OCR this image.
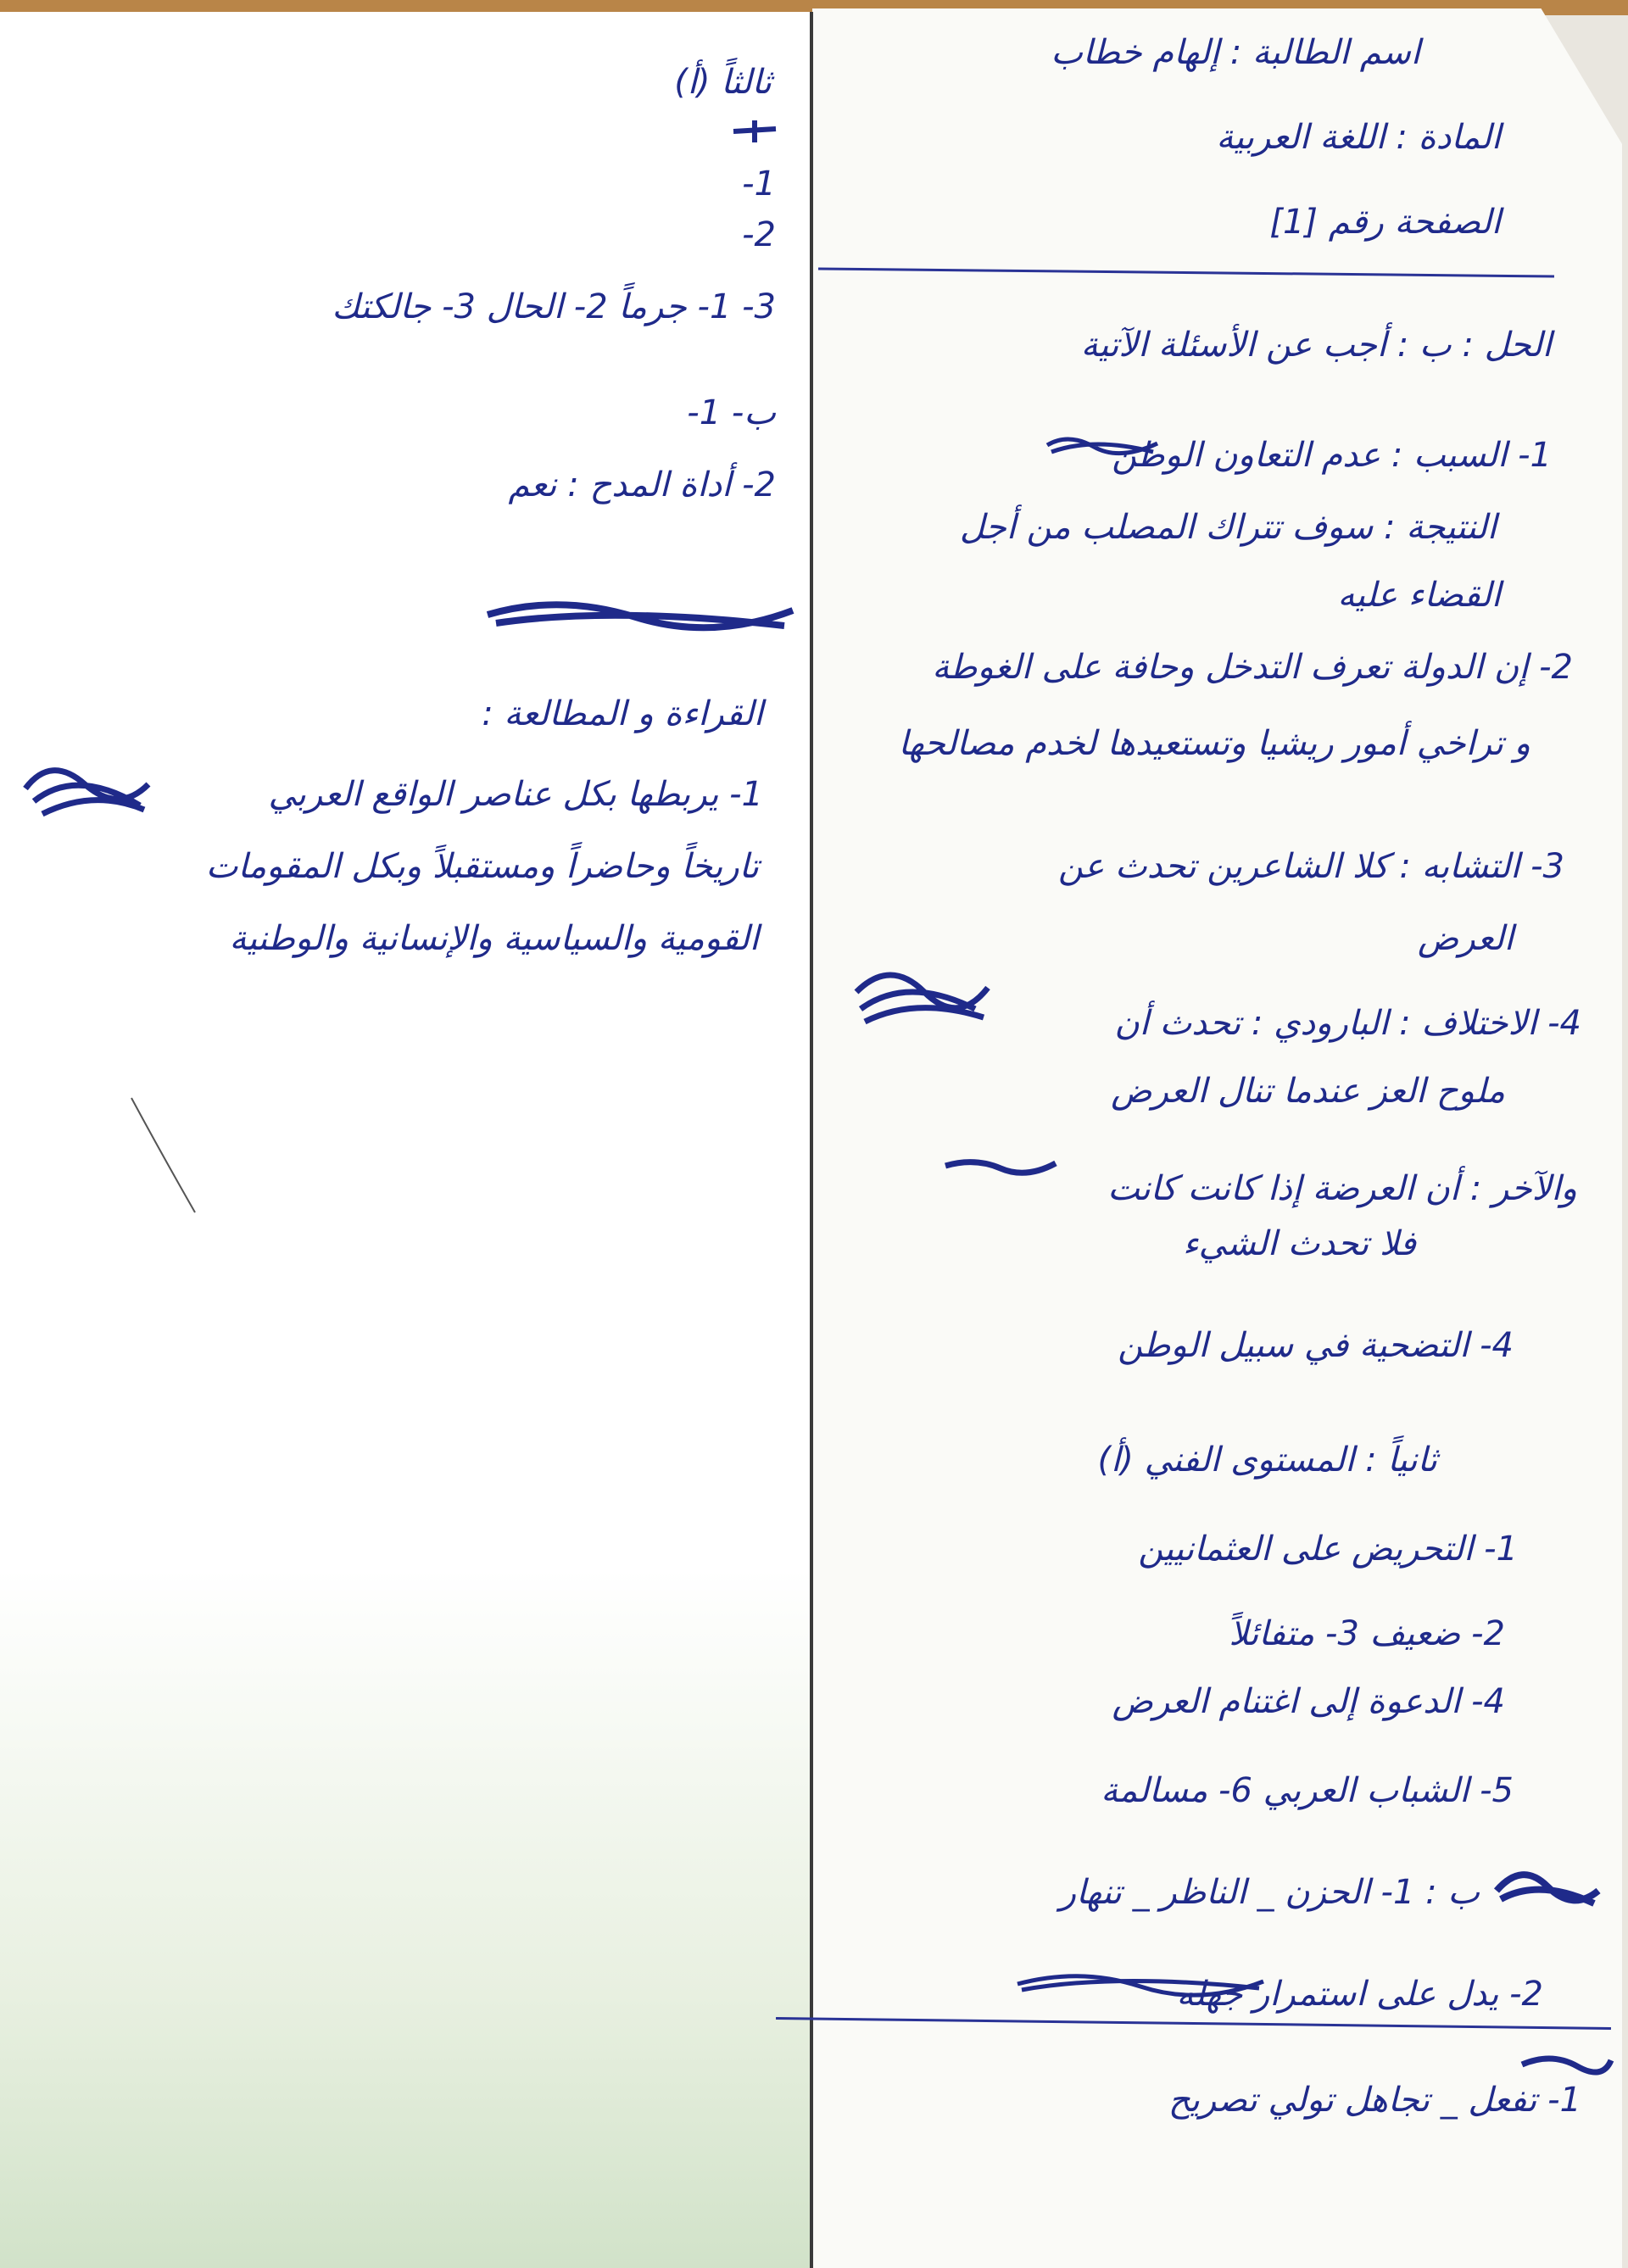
اسم الطالبة : إلهام خطاب
المادة : اللغة العربية
الصفحة رقم [1]
الحل : ب : أجب عن الأسئلة الآتية
1- السبب : عدم التعاون الوطن
النتيجة : سوف تتراك المصلب من أجل
القضاء عليه
2- إن الدولة تعرف التدخل وحافة على الغوطة
و تراخي أمور ريشيا وتستعيدها لخدم مصالحها
3- التشابه : كلا الشاعرين تحدث عن
العرض
4- الاختلاف : البارودي : تحدث أن
ملوح العز عندما تنال العرض
والآخر : أن العرضة إذا كانت كانت
فلا تحدث الشيء
4- التضحية في سبيل الوطن
ثانياً : المستوى الفني (أ)
1- التحريض على العثمانيين
2- ضعيف 3- متفائلاً
4- الدعوة إلى اغتنام العرض
5- الشباب العربي 6- مسالمة
ب : 1- الحزن _ الناظر _ تنهار
2- يدل على استمرار جهله
1- تفعل _ تجاهل تولي تصريح
ثالثاً (أ)
1-
2-
3- 1- جرماً 2- الحال 3- جالكتك
ب- 1-
2- أداة المدح : نعم
القراءة و المطالعة :
1- يربطها بكل عناصر الواقع العربي
تاريخاً وحاضراً ومستقبلاً وبكل المقومات
القومية والسياسية والإنسانية والوطنية
